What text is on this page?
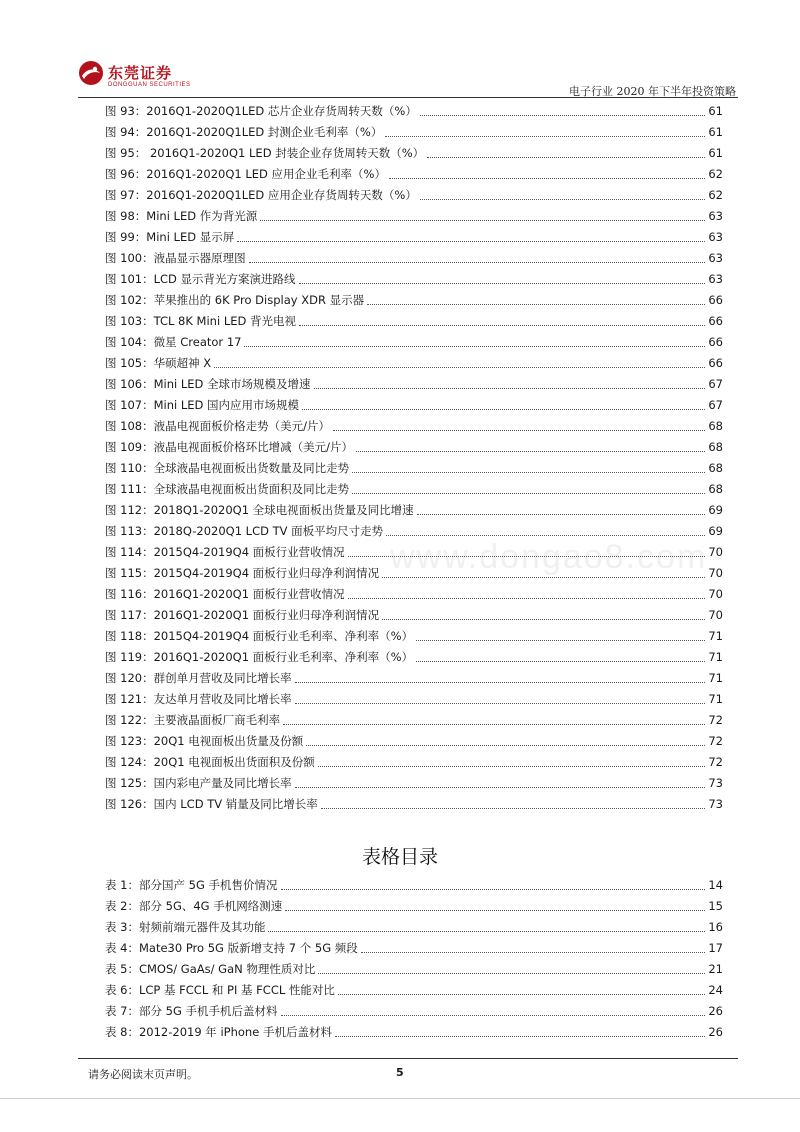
东莞证券
DONGGUAN SECURITIES	电子行业 2020 年下半年投资策略
www.dongao8.com
图 93：2016Q1-2020Q1LED 芯片企业存货周转天数（%）	61
图 94：2016Q1-2020Q1LED 封测企业毛利率（%）	61
图 95： 2016Q1-2020Q1 LED 封装企业存货周转天数（%）	61
图 96：2016Q1-2020Q1 LED 应用企业毛利率（%）	62
图 97：2016Q1-2020Q1LED 应用企业存货周转天数（%）	62
图 98：Mini LED 作为背光源	63
图 99：Mini LED 显示屏	63
图 100：液晶显示器原理图	63
图 101：LCD 显示背光方案演进路线	63
图 102：苹果推出的 6K Pro Display XDR 显示器	66
图 103：TCL 8K Mini LED 背光电视	66
图 104：微星 Creator 17	66
图 105：华硕超神 X	66
图 106：Mini LED 全球市场规模及增速	67
图 107：Mini LED 国内应用市场规模	67
图 108：液晶电视面板价格走势（美元/片）	68
图 109：液晶电视面板价格环比增减（美元/片）	68
图 110：全球液晶电视面板出货数量及同比走势	68
图 111：全球液晶电视面板出货面积及同比走势	68
图 112：2018Q1-2020Q1 全球电视面板出货量及同比增速	69
图 113：2018Q-2020Q1 LCD TV 面板平均尺寸走势	69
图 114：2015Q4-2019Q4 面板行业营收情况	70
图 115：2015Q4-2019Q4 面板行业归母净利润情况	70
图 116：2016Q1-2020Q1 面板行业营收情况	70
图 117：2016Q1-2020Q1 面板行业归母净利润情况	70
图 118：2015Q4-2019Q4 面板行业毛利率、净利率（%）	71
图 119：2016Q1-2020Q1 面板行业毛利率、净利率（%）	71
图 120：群创单月营收及同比增长率	71
图 121：友达单月营收及同比增长率	71
图 122：主要液晶面板厂商毛利率	72
图 123：20Q1 电视面板出货量及份额	72
图 124：20Q1 电视面板出货面积及份额	72
图 125：国内彩电产量及同比增长率	73
图 126：国内 LCD TV 销量及同比增长率	73
表格目录
表 1：部分国产 5G 手机售价情况	14
表 2：部分 5G、4G 手机网络测速	15
表 3：射频前端元器件及其功能	16
表 4：Mate30 Pro 5G 版新增支持 7 个 5G 频段	17
表 5：CMOS/ GaAs/ GaN 物理性质对比	21
表 6：LCP 基 FCCL 和 PI 基 FCCL 性能对比	24
表 7：部分 5G 手机手机后盖材料	26
表 8：2012-2019 年 iPhone 手机后盖材料	26
请务必阅读末页声明。	5
